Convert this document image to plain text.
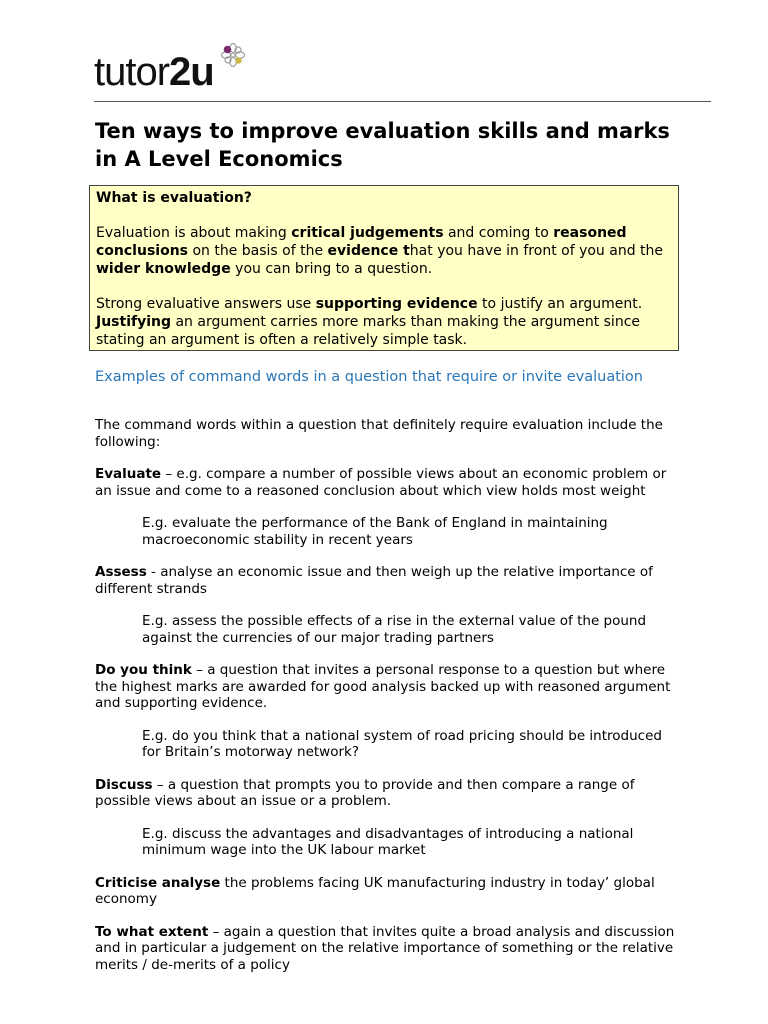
tutor2u
Ten ways to improve evaluation skills and marks in A Level Economics

What is evaluation?

Evaluation is about making critical judgements and coming to reasoned conclusions on the basis of the evidence that you have in front of you and the wider knowledge you can bring to a question.

Strong evaluative answers use supporting evidence to justify an argument. Justifying an argument carries more marks than making the argument since stating an argument is often a relatively simple task.

Examples of command words in a question that require or invite evaluation

The command words within a question that definitely require evaluation include the following:

Evaluate – e.g. compare a number of possible views about an economic problem or an issue and come to a reasoned conclusion about which view holds most weight

E.g. evaluate the performance of the Bank of England in maintaining macroeconomic stability in recent years

Assess - analyse an economic issue and then weigh up the relative importance of different strands

E.g. assess the possible effects of a rise in the external value of the pound against the currencies of our major trading partners

Do you think – a question that invites a personal response to a question but where the highest marks are awarded for good analysis backed up with reasoned argument and supporting evidence.

E.g. do you think that a national system of road pricing should be introduced for Britain’s motorway network?

Discuss – a question that prompts you to provide and then compare a range of possible views about an issue or a problem.

E.g. discuss the advantages and disadvantages of introducing a national minimum wage into the UK labour market

Criticise analyse the problems facing UK manufacturing industry in today’ global economy

To what extent – again a question that invites quite a broad analysis and discussion and in particular a judgement on the relative importance of something or the relative merits / de-merits of a policy
